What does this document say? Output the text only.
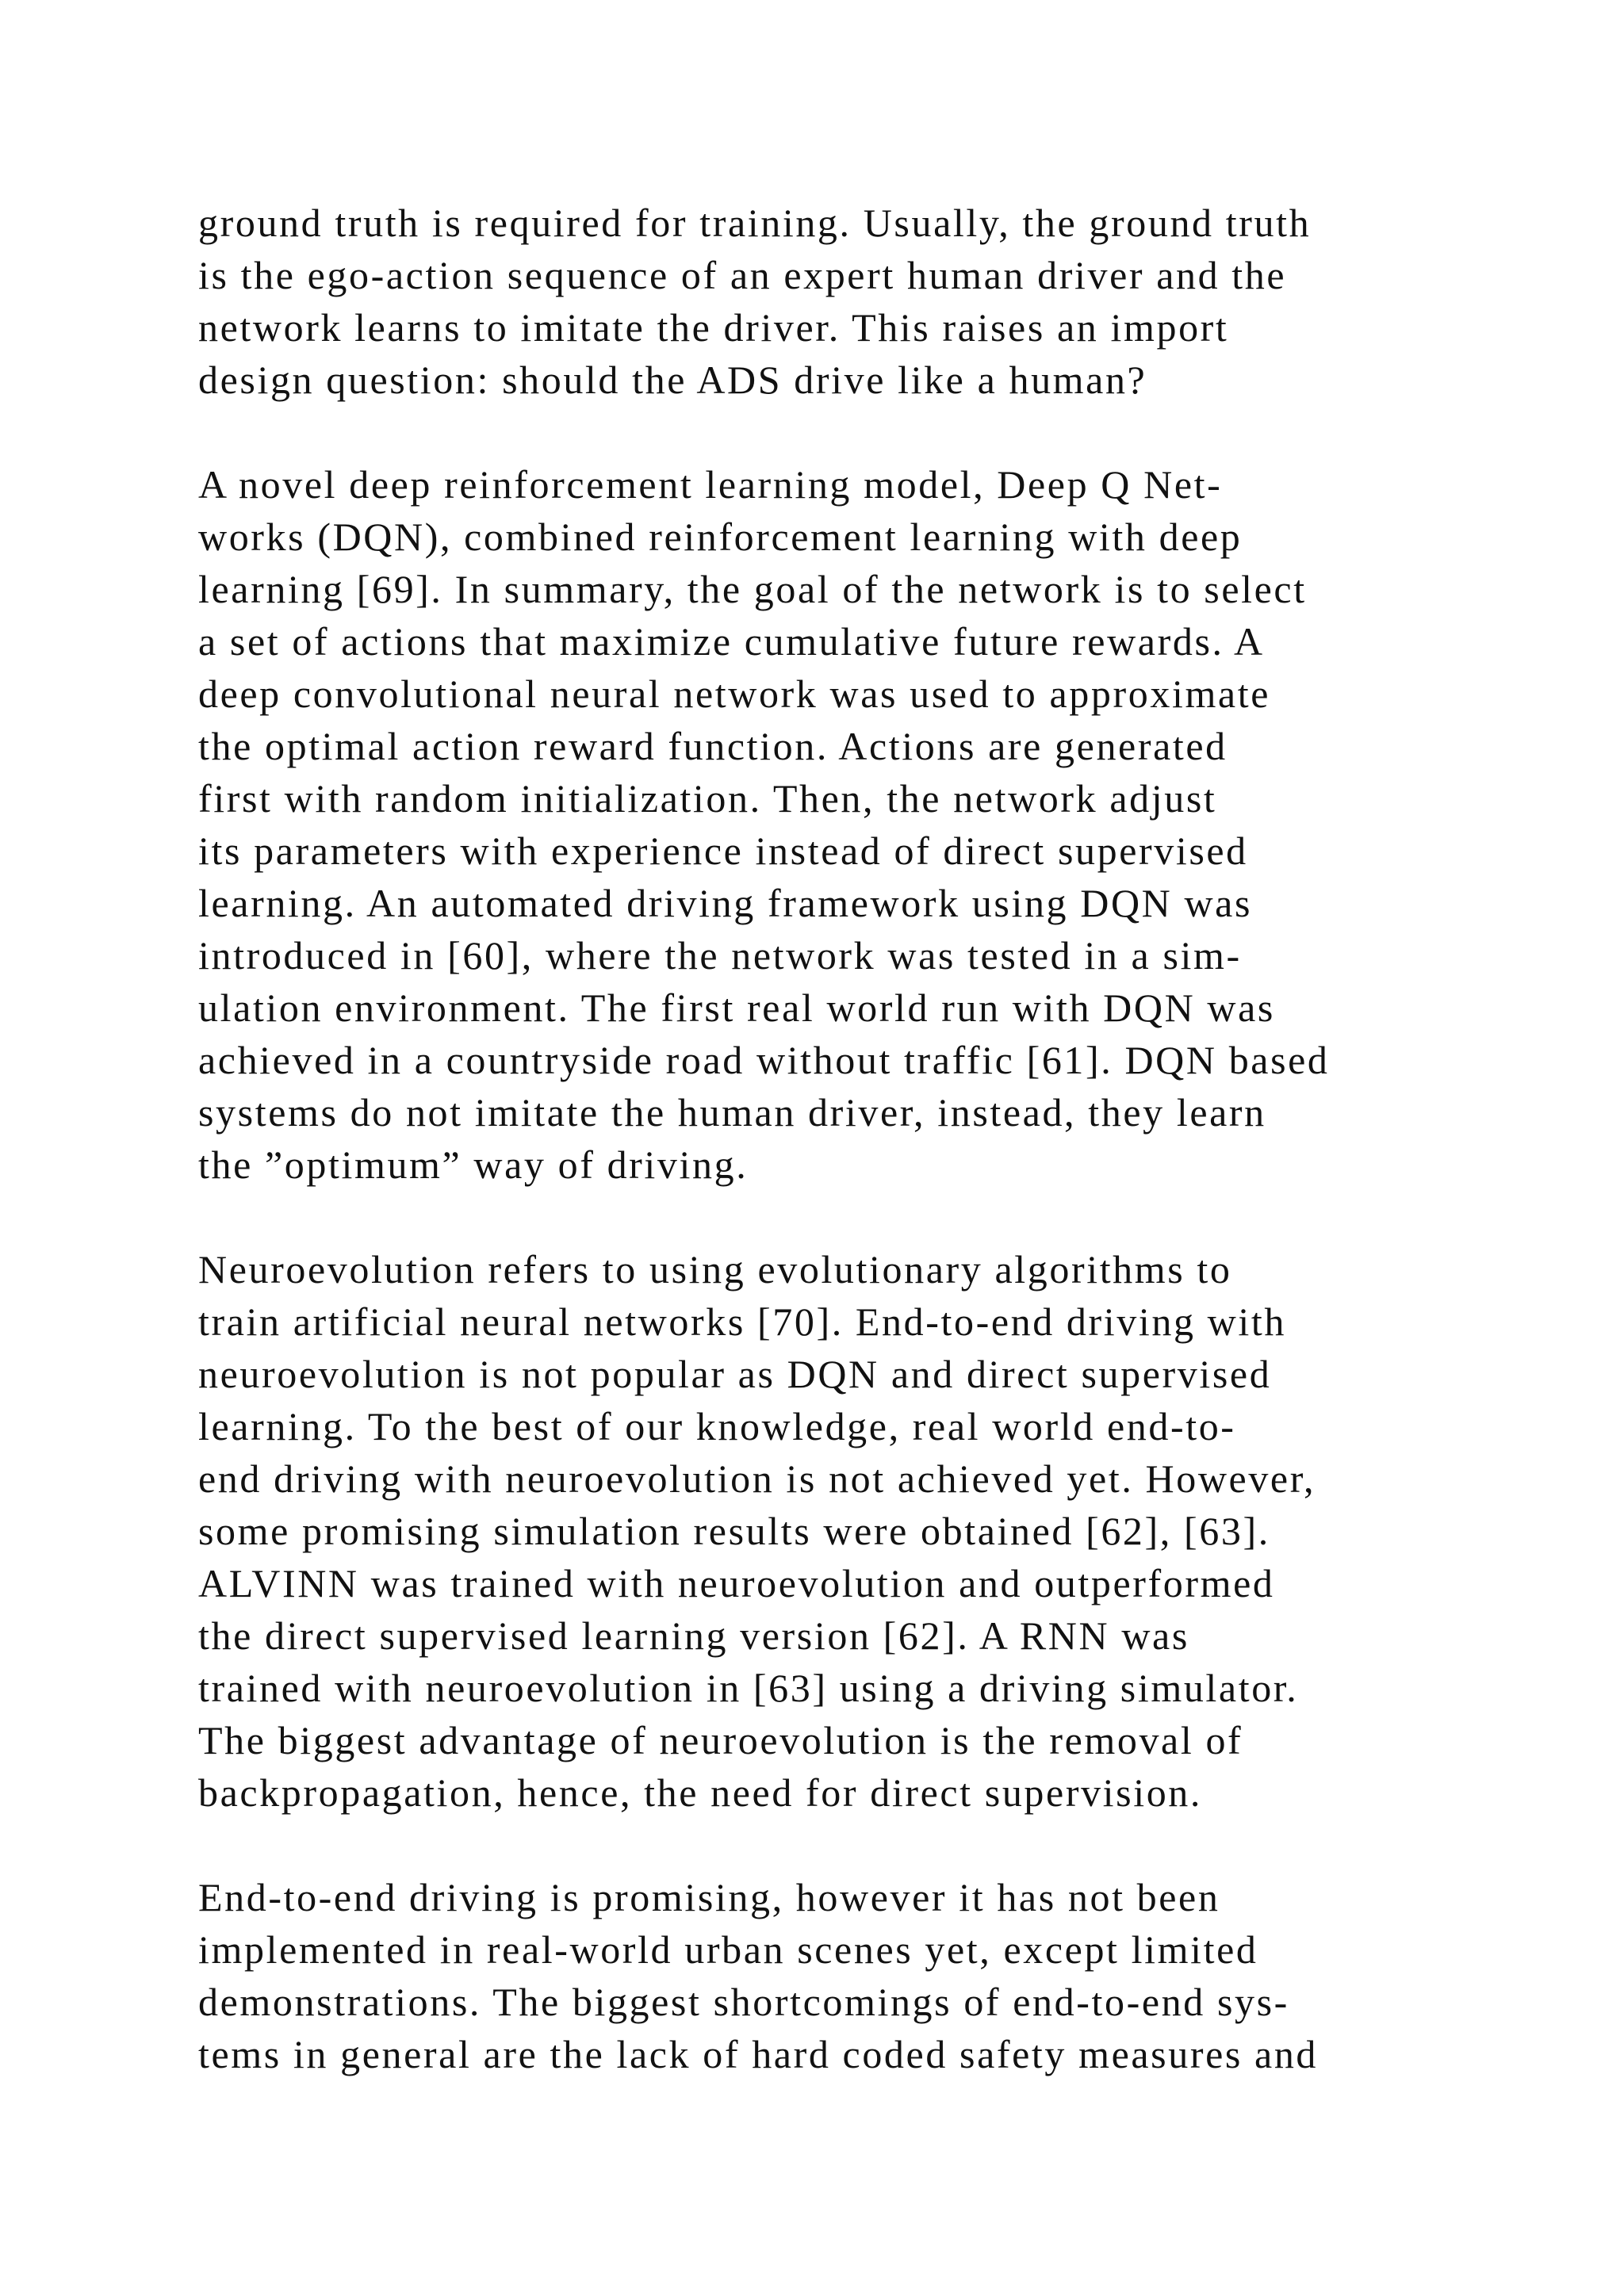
ground truth is required for training. Usually, the ground truth
is the ego-action sequence of an expert human driver and the
network learns to imitate the driver. This raises an import
design question: should the ADS drive like a human?
A novel deep reinforcement learning model, Deep Q Net-
works (DQN), combined reinforcement learning with deep
learning [69]. In summary, the goal of the network is to select
a set of actions that maximize cumulative future rewards. A
deep convolutional neural network was used to approximate
the optimal action reward function. Actions are generated
first with random initialization. Then, the network adjust
its parameters with experience instead of direct supervised
learning. An automated driving framework using DQN was
introduced in [60], where the network was tested in a sim-
ulation environment. The first real world run with DQN was
achieved in a countryside road without traffic [61]. DQN based
systems do not imitate the human driver, instead, they learn
the ”optimum” way of driving.
Neuroevolution refers to using evolutionary algorithms to
train artificial neural networks [70]. End-to-end driving with
neuroevolution is not popular as DQN and direct supervised
learning. To the best of our knowledge, real world end-to-
end driving with neuroevolution is not achieved yet. However,
some promising simulation results were obtained [62], [63].
ALVINN was trained with neuroevolution and outperformed
the direct supervised learning version [62]. A RNN was
trained with neuroevolution in [63] using a driving simulator.
The biggest advantage of neuroevolution is the removal of
backpropagation, hence, the need for direct supervision.
End-to-end driving is promising, however it has not been
implemented in real-world urban scenes yet, except limited
demonstrations. The biggest shortcomings of end-to-end sys-
tems in general are the lack of hard coded safety measures and
